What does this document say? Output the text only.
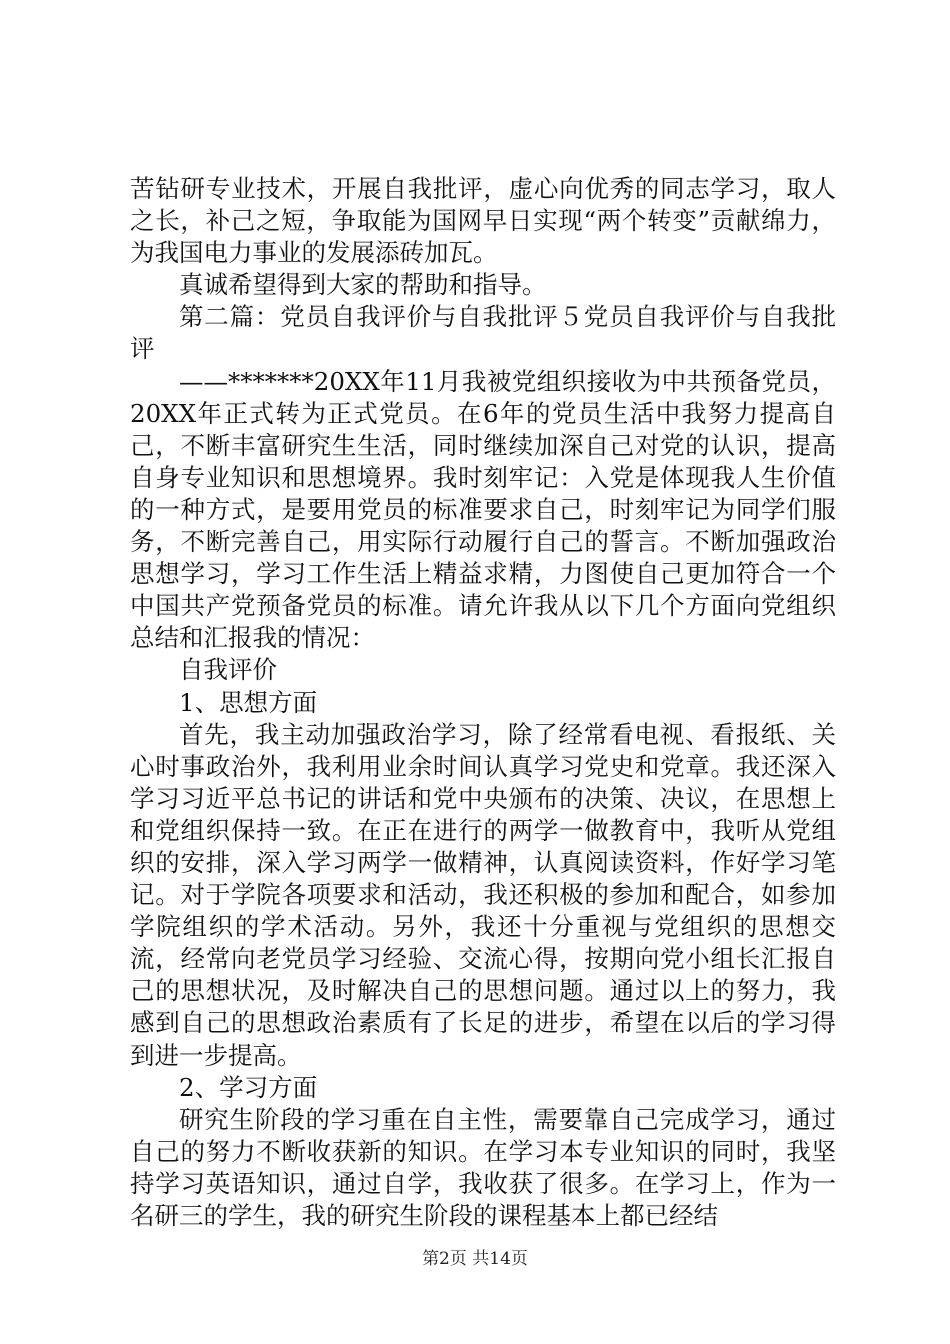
苦钻研专业技术，开展自我批评，虚心向优秀的同志学习，取人之长，补己之短，争取能为国网早日实现“两个转变”贡献绵力，为我国电力事业的发展添砖加瓦。

真诚希望得到大家的帮助和指导。

第二篇：党员自我评价与自我批评５党员自我评价与自我批评

——*******20XX年11月我被党组织接收为中共预备党员，20XX年正式转为正式党员。在6年的党员生活中我努力提高自己，不断丰富研究生生活，同时继续加深自己对党的认识，提高自身专业知识和思想境界。我时刻牢记：入党是体现我人生价值的一种方式，是要用党员的标准要求自己，时刻牢记为同学们服务，不断完善自己，用实际行动履行自己的誓言。不断加强政治思想学习，学习工作生活上精益求精，力图使自己更加符合一个中国共产党预备党员的标准。请允许我从以下几个方面向党组织总结和汇报我的情况：

自我评价

1、思想方面

首先，我主动加强政治学习，除了经常看电视、看报纸、关心时事政治外，我利用业余时间认真学习党史和党章。我还深入学习习近平总书记的讲话和党中央颁布的决策、决议，在思想上和党组织保持一致。在正在进行的两学一做教育中，我听从党组织的安排，深入学习两学一做精神，认真阅读资料，作好学习笔记。对于学院各项要求和活动，我还积极的参加和配合，如参加学院组织的学术活动。另外，我还十分重视与党组织的思想交流，经常向老党员学习经验、交流心得，按期向党小组长汇报自己的思想状况，及时解决自己的思想问题。通过以上的努力，我感到自己的思想政治素质有了长足的进步，希望在以后的学习得到进一步提高。

2、学习方面

研究生阶段的学习重在自主性，需要靠自己完成学习，通过自己的努力不断收获新的知识。在学习本专业知识的同时，我坚持学习英语知识，通过自学，我收获了很多。在学习上，作为一名研三的学生，我的研究生阶段的课程基本上都已经结

第2页 共14页
